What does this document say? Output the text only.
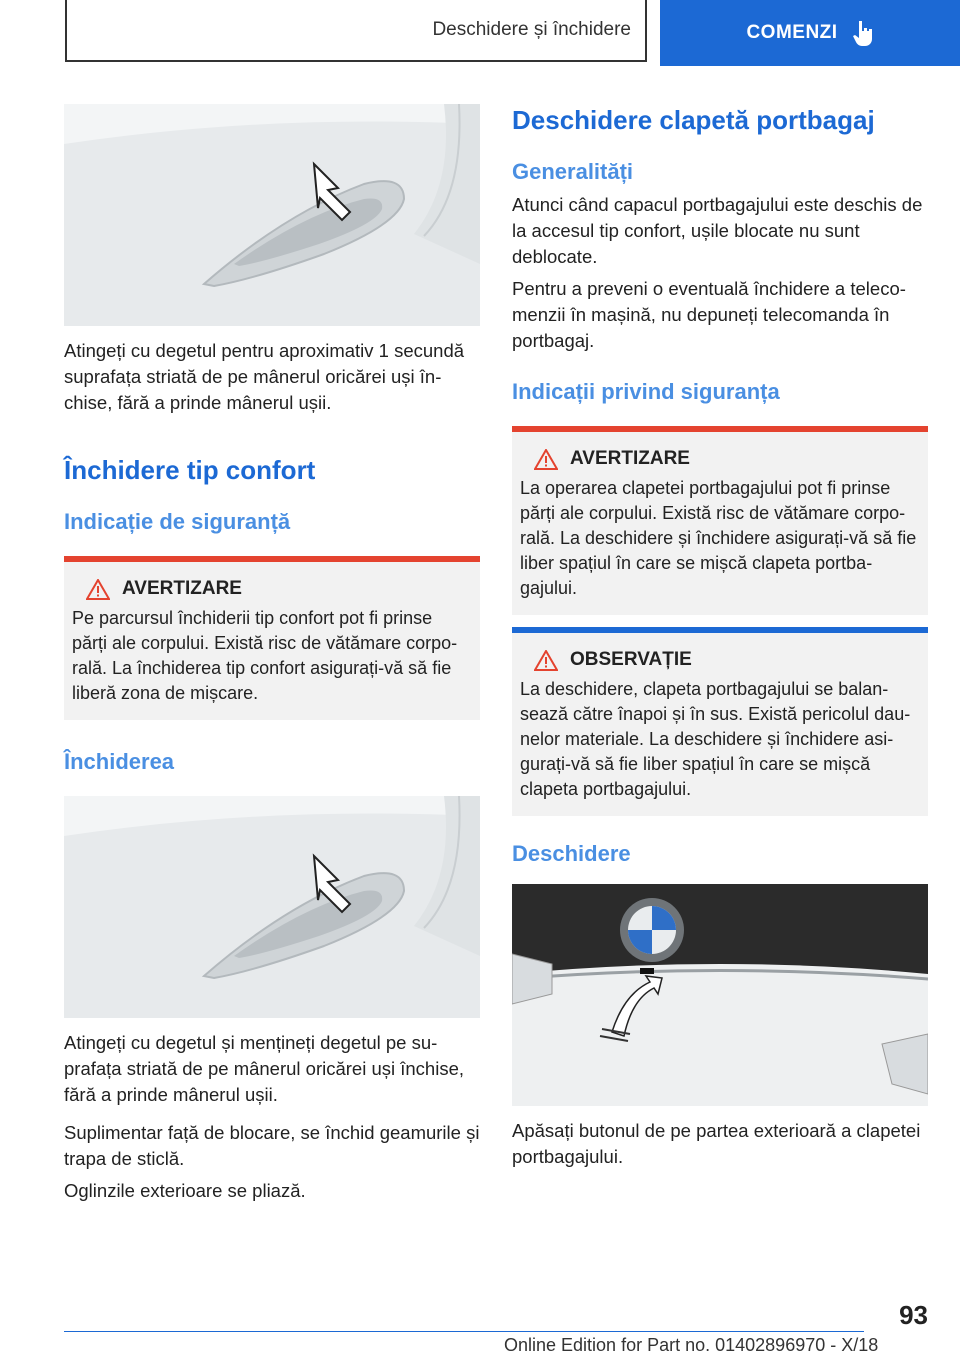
Deschidere și închidere	COMENZI

Atingeți cu degetul pentru aproximativ 1 secundă suprafața striată de pe mânerul oricărei uși închise, fără a prinde mânerul ușii.

Închidere tip confort
Indicație de siguranță
AVERTIZARE

Pe parcursul închiderii tip confort pot fi prinse părți ale corpului. Există risc de vătămare corporală. La închiderea tip confort asigurați-vă să fie liberă zona de mișcare.

Închiderea

Atingeți cu degetul și mențineți degetul pe suprafața striată de pe mânerul oricărei uși închise, fără a prinde mânerul ușii.

Suplimentar față de blocare, se închid geamurile și trapa de sticlă.

Oglinzile exterioare se pliază.

Deschidere clapetă portbagaj
Generalități

Atunci când capacul portbagajului este deschis de la accesul tip confort, ușile blocate nu sunt deblocate.

Pentru a preveni o eventuală închidere a telecomenzii în mașină, nu depuneți telecomanda în portbagaj.

Indicații privind siguranța
AVERTIZARE

La operarea clapetei portbagajului pot fi prinse părți ale corpului. Există risc de vătămare corporală. La deschidere și închidere asigurați-vă să fie liber spațiul în care se mișcă clapeta portbagajului.

OBSERVAȚIE

La deschidere, clapeta portbagajului se balansează către înapoi și în sus. Există pericolul daunelor materiale. La deschidere și închidere asigurați-vă să fie liber spațiul în care se mișcă clapeta portbagajului.

Deschidere

Apăsați butonul de pe partea exterioară a clapetei portbagajului.

93
Online Edition for Part no. 01402896970 - X/18
